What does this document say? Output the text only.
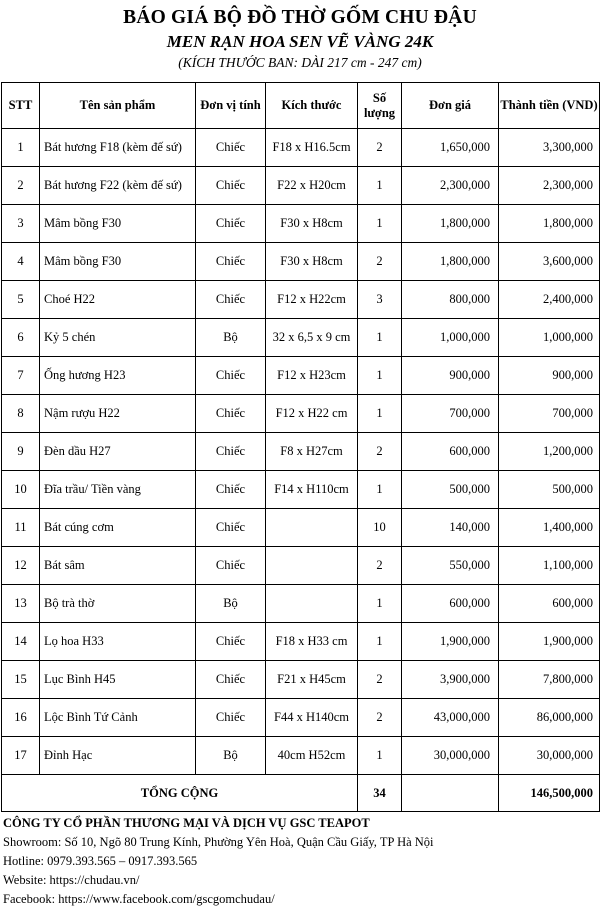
BÁO GIÁ BỘ ĐỒ THỜ GỐM CHU ĐẬU
MEN RẠN HOA SEN VẼ VÀNG 24K
(KÍCH THƯỚC BAN: DÀI 217 cm - 247 cm)
STT	Tên sản phẩm	Đơn vị tính	Kích thước	Số lượng	Đơn giá	Thành tiền (VND)
1	Bát hương F18 (kèm đế sứ)	Chiếc	F18 x H16.5cm	2	1,650,000	3,300,000
2	Bát hương F22 (kèm đế sứ)	Chiếc	F22 x H20cm	1	2,300,000	2,300,000
3	Mâm bồng F30	Chiếc	F30 x H8cm	1	1,800,000	1,800,000
4	Mâm bồng F30	Chiếc	F30 x H8cm	2	1,800,000	3,600,000
5	Choé H22	Chiếc	F12 x H22cm	3	800,000	2,400,000
6	Kỷ 5 chén	Bộ	32 x 6,5 x 9 cm	1	1,000,000	1,000,000
7	Ống hương H23	Chiếc	F12 x H23cm	1	900,000	900,000
8	Nậm rượu H22	Chiếc	F12 x H22 cm	1	700,000	700,000
9	Đèn dầu H27	Chiếc	F8 x H27cm	2	600,000	1,200,000
10	Đĩa trầu/ Tiền vàng	Chiếc	F14 x H110cm	1	500,000	500,000
11	Bát cúng cơm	Chiếc		10	140,000	1,400,000
12	Bát sâm	Chiếc		2	550,000	1,100,000
13	Bộ trà thờ	Bộ		1	600,000	600,000
14	Lọ hoa H33	Chiếc	F18 x H33 cm	1	1,900,000	1,900,000
15	Lục Bình H45	Chiếc	F21 x H45cm	2	3,900,000	7,800,000
16	Lộc Bình Tứ Cảnh	Chiếc	F44 x H140cm	2	43,000,000	86,000,000
17	Đỉnh Hạc	Bộ	40cm H52cm	1	30,000,000	30,000,000
TỔNG CỘNG				34		146,500,000
CÔNG TY CỔ PHẦN THƯƠNG MẠI VÀ DỊCH VỤ GSC TEAPOT
Showroom: Số 10, Ngõ 80 Trung Kính, Phường Yên Hoà, Quận Cầu Giấy, TP Hà Nội
Hotline: 0979.393.565 – 0917.393.565
Website: https://chudau.vn/
Facebook: https://www.facebook.com/gscgomchudau/
